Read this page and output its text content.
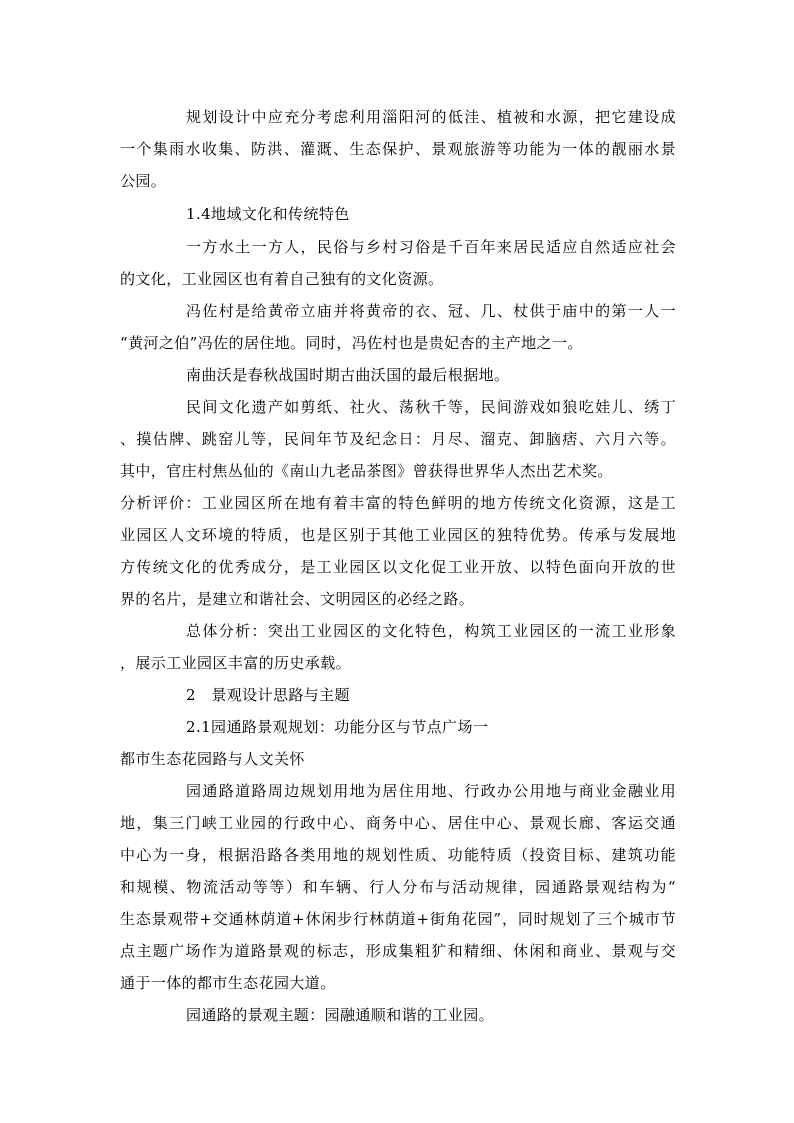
规划设计中应充分考虑利用淄阳河的低洼、植被和水源，把它建设成
一个集雨水收集、防洪、灌溉、生态保护、景观旅游等功能为一体的靓丽水景
公园。
1.4地域文化和传统特色
一方水土一方人，民俗与乡村习俗是千百年来居民适应自然适应社会
的文化，工业园区也有着自己独有的文化资源。
冯佐村是给黄帝立庙并将黄帝的衣、冠、几、杖供于庙中的第一人一
“黄河之伯”冯佐的居住地。同时，冯佐村也是贵妃杏的主产地之一。
南曲沃是春秋战国时期古曲沃国的最后根据地。
民间文化遗产如剪纸、社火、荡秋千等，民间游戏如狼吃娃儿、绣丁
、摸估牌、跳窑儿等，民间年节及纪念日：月尽、溜克、卸脑痞、六月六等。
其中，官庄村焦丛仙的《南山九老品茶图》曾获得世界华人杰出艺术奖。
分析评价：工业园区所在地有着丰富的特色鲜明的地方传统文化资源，这是工
业园区人文环境的特质，也是区别于其他工业园区的独特优势。传承与发展地
方传统文化的优秀成分，是工业园区以文化促工业开放、以特色面向开放的世
界的名片，是建立和谐社会、文明园区的必经之路。
总体分析：突出工业园区的文化特色，构筑工业园区的一流工业形象
，展示工业园区丰富的历史承载。
2　景观设计思路与主题
2.1园通路景观规划：功能分区与节点广场一
都市生态花园路与人文关怀
园通路道路周边规划用地为居住用地、行政办公用地与商业金融业用
地，集三门峡工业园的行政中心、商务中心、居住中心、景观长廊、客运交通
中心为一身，根据沿路各类用地的规划性质、功能特质（投资目标、建筑功能
和规模、物流活动等等）和车辆、行人分布与活动规律，园通路景观结构为“
生态景观带+交通林荫道+休闲步行林荫道+街角花园”，同时规划了三个城市节
点主题广场作为道路景观的标志，形成集粗犷和精细、休闲和商业、景观与交
通于一体的都市生态花园大道。
园通路的景观主题：园融通顺和谐的工业园。
